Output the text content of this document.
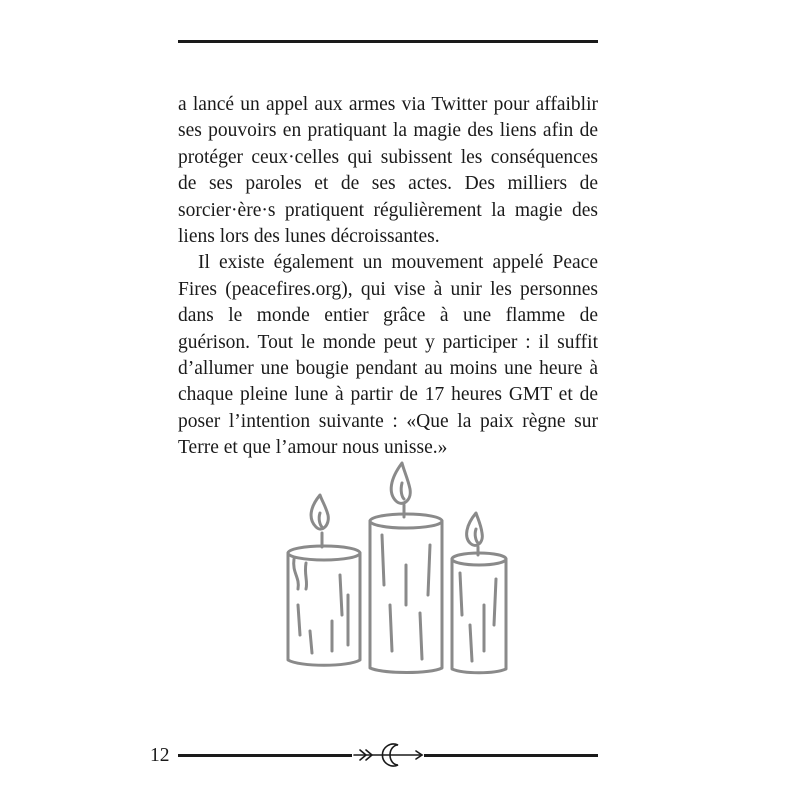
a lancé un appel aux armes via Twitter pour affaiblir ses pouvoirs en pratiquant la magie des liens afin de protéger ceux·celles qui subissent les conséquences de ses paroles et de ses actes. Des milliers de sorcier·ère·s pratiquent régulièrement la magie des liens lors des lunes décroissantes.

Il existe également un mouvement appelé Peace Fires (peacefires.org), qui vise à unir les personnes dans le monde entier grâce à une flamme de guérison. Tout le monde peut y participer : il suffit d’allumer une bougie pendant au moins une heure à chaque pleine lune à partir de 17 heures GMT et de poser l’intention suivante : «Que la paix règne sur Terre et que l’amour nous unisse.»

12
